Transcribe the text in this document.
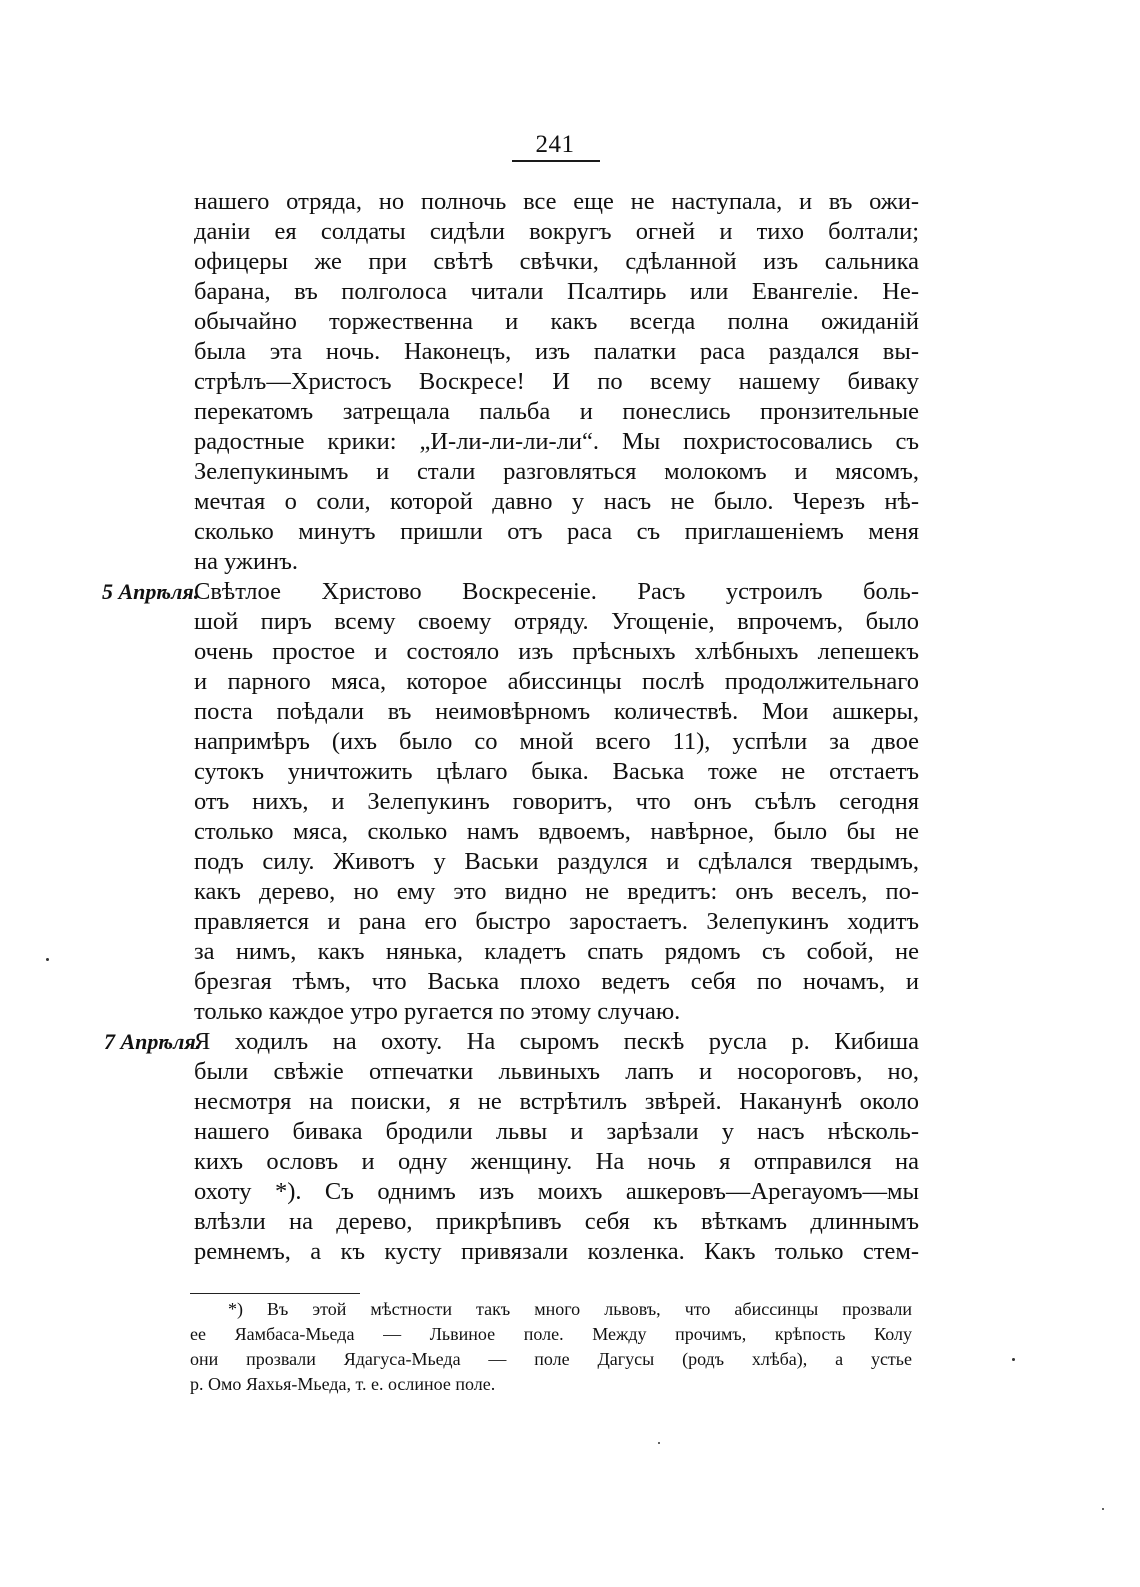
241
нашего отряда, но полночь все еще не наступала, и въ ожи-
даніи ея солдаты сидѣли вокругъ огней и тихо болтали;
офицеры же при свѣтѣ свѣчки, сдѣланной изъ сальника
барана, въ полголоса читали Псалтирь или Евангеліе. Не-
обычайно торжественна и какъ всегда полна ожиданій
была эта ночь. Наконецъ, изъ палатки раса раздался вы-
стрѣлъ—Христосъ Воскресе! И по всему нашему биваку
перекатомъ затрещала пальба и понеслись пронзительные
радостные крики: „И-ли-ли-ли-ли“. Мы похристосовались съ
Зелепукинымъ и стали разговляться молокомъ и мясомъ,
мечтая о соли, которой давно у насъ не было. Черезъ нѣ-
сколько минутъ пришли отъ раса съ приглашеніемъ меня
на ужинъ.
5 Апрѣля.
Свѣтлое Христово Воскресеніе. Расъ устроилъ боль-
шой пиръ всему своему отряду. Угощеніе, впрочемъ, было
очень простое и состояло изъ прѣсныхъ хлѣбныхъ лепешекъ
и парного мяса, которое абиссинцы послѣ продолжительнаго
поста поѣдали въ неимовѣрномъ количествѣ. Мои ашкеры,
напримѣръ (ихъ было со мной всего 11), успѣли за двое
сутокъ уничтожить цѣлаго быка. Васька тоже не отстаетъ
отъ нихъ, и Зелепукинъ говоритъ, что онъ съѣлъ сегодня
столько мяса, сколько намъ вдвоемъ, навѣрное, было бы не
подъ силу. Животъ у Васьки раздулся и сдѣлался твердымъ,
какъ дерево, но ему это видно не вредитъ: онъ веселъ, по-
правляется и рана его быстро заростаетъ. Зелепукинъ ходитъ
за нимъ, какъ нянька, кладетъ спать рядомъ съ собой, не
брезгая тѣмъ, что Васька плохо ведетъ себя по ночамъ, и
только каждое утро ругается по этому случаю.
7 Апрѣля.
Я ходилъ на охоту. На сыромъ пескѣ русла р. Кибиша
были свѣжіе отпечатки львиныхъ лапъ и носороговъ, но,
несмотря на поиски, я не встрѣтилъ звѣрей. Наканунѣ около
нашего бивака бродили львы и зарѣзали у насъ нѣсколь-
кихъ ословъ и одну женщину. На ночь я отправился на
охоту *). Съ однимъ изъ моихъ ашкеровъ—Арегауомъ—мы
влѣзли на дерево, прикрѣпивъ себя къ вѣткамъ длиннымъ
ремнемъ, а къ кусту привязали козленка. Какъ только стем-
*) Въ этой мѣстности такъ много львовъ, что абиссинцы прозвали
ее Яамбаса-Мьеда — Львиное поле. Между прочимъ, крѣпость Колу
они прозвали Ядагуса-Мьеда — поле Дагусы (родъ хлѣба), а устье
р. Омо Яахья-Мьеда, т. е. ослиное поле.
